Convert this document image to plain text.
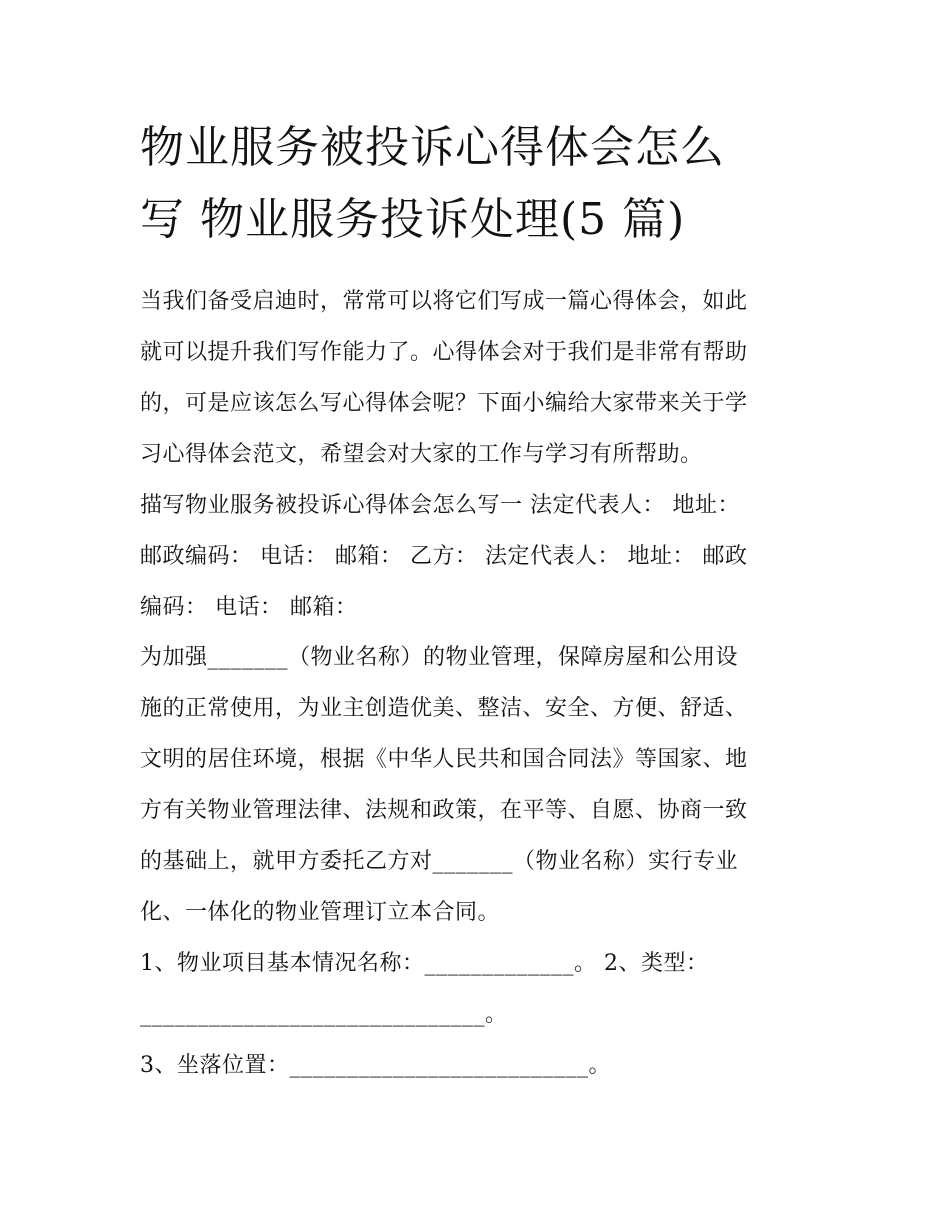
物业服务被投诉心得体会怎么
写 物业服务投诉处理(5 篇)
当我们备受启迪时，常常可以将它们写成一篇心得体会，如此
就可以提升我们写作能力了。心得体会对于我们是非常有帮助
的，可是应该怎么写心得体会呢？下面小编给大家带来关于学
习心得体会范文，希望会对大家的工作与学习有所帮助。
描写物业服务被投诉心得体会怎么写一 法定代表人： 地址：
邮政编码： 电话： 邮箱： 乙方： 法定代表人： 地址： 邮政
编码： 电话： 邮箱：
为加强_______（物业名称）的物业管理，保障房屋和公用设
施的正常使用，为业主创造优美、整洁、安全、方便、舒适、
文明的居住环境，根据《中华人民共和国合同法》等国家、地
方有关物业管理法律、法规和政策，在平等、自愿、协商一致
的基础上，就甲方委托乙方对_______（物业名称）实行专业
化、一体化的物业管理订立本合同。
1、物业项目基本情况名称：_____________。 2、类型：
______________________________。
3、坐落位置：__________________________。
